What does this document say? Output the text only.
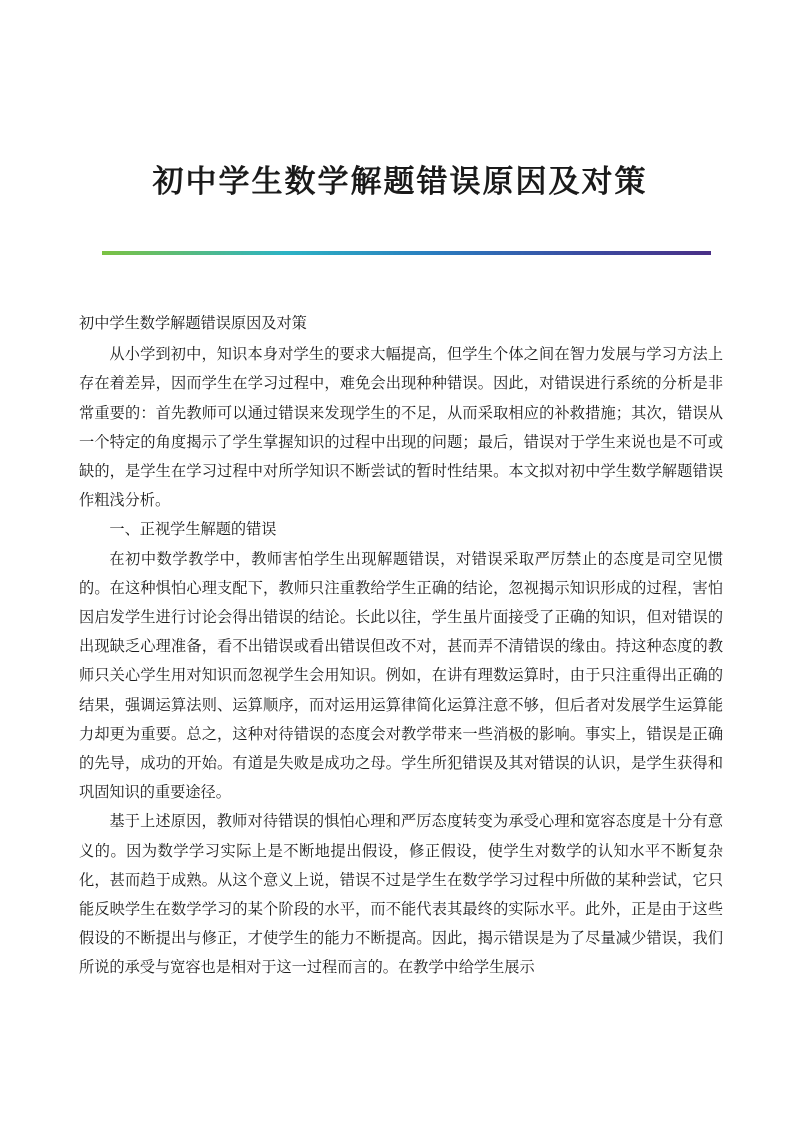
初中学生数学解题错误原因及对策

初中学生数学解题错误原因及对策

从小学到初中，知识本身对学生的要求大幅提高，但学生个体之间在智力发展与学习方法上存在着差异，因而学生在学习过程中，难免会出现种种错误。因此，对错误进行系统的分析是非常重要的：首先教师可以通过错误来发现学生的不足，从而采取相应的补救措施；其次，错误从一个特定的角度揭示了学生掌握知识的过程中出现的问题；最后，错误对于学生来说也是不可或缺的，是学生在学习过程中对所学知识不断尝试的暂时性结果。本文拟对初中学生数学解题错误作粗浅分析。

一、正视学生解题的错误

在初中数学教学中，教师害怕学生出现解题错误，对错误采取严厉禁止的态度是司空见惯的。在这种惧怕心理支配下，教师只注重教给学生正确的结论，忽视揭示知识形成的过程，害怕因启发学生进行讨论会得出错误的结论。长此以往，学生虽片面接受了正确的知识，但对错误的出现缺乏心理准备，看不出错误或看出错误但改不对，甚而弄不清错误的缘由。持这种态度的教师只关心学生用对知识而忽视学生会用知识。例如，在讲有理数运算时，由于只注重得出正确的结果，强调运算法则、运算顺序，而对运用运算律简化运算注意不够，但后者对发展学生运算能力却更为重要。总之，这种对待错误的态度会对教学带来一些消极的影响。事实上，错误是正确的先导，成功的开始。有道是失败是成功之母。学生所犯错误及其对错误的认识，是学生获得和巩固知识的重要途径。

基于上述原因，教师对待错误的惧怕心理和严厉态度转变为承受心理和宽容态度是十分有意义的。因为数学学习实际上是不断地提出假设，修正假设，使学生对数学的认知水平不断复杂化，甚而趋于成熟。从这个意义上说，错误不过是学生在数学学习过程中所做的某种尝试，它只能反映学生在数学学习的某个阶段的水平，而不能代表其最终的实际水平。此外，正是由于这些假设的不断提出与修正，才使学生的能力不断提高。因此，揭示错误是为了尽量减少错误，我们所说的承受与宽容也是相对于这一过程而言的。在教学中给学生展示
